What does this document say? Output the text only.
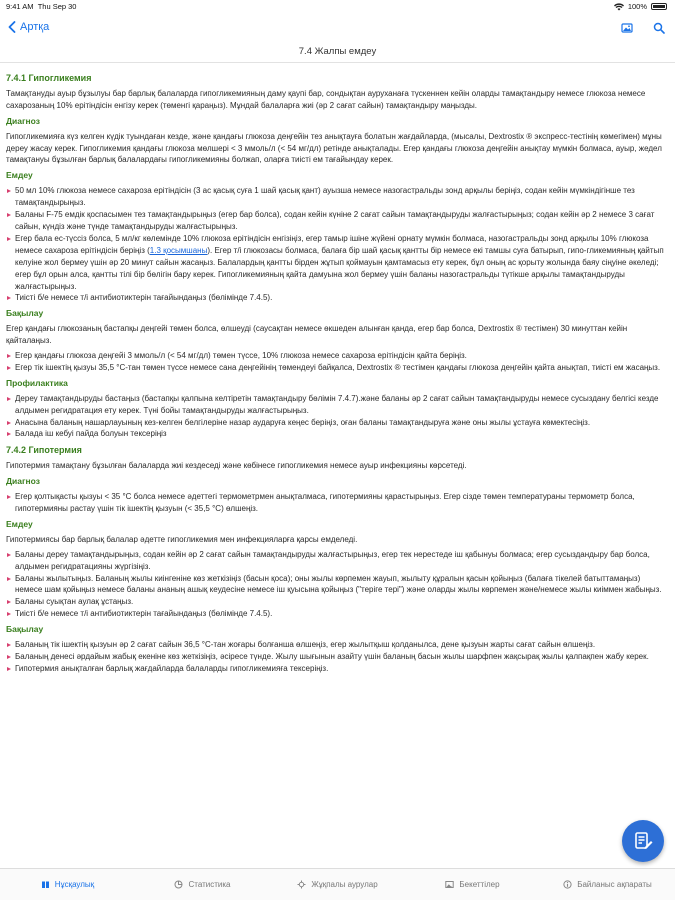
9:41 AM Thu Sep 30	100%
Артқа
7.4 Жалпы емдеу
7.4.1 Гипогликемия

Тамақтануды ауыр бұзылуы бар барлық балаларда гипогликемияның даму қаупі бар, сондықтан ауруханаға түскеннен кейін оларды тамақтандыру немесе глюкоза немесе сахарозаның 10% ерітіндісін енгізу керек (төменгі қараңыз). Мұндай балаларға жиі (әр 2 сағат сайын) тамақтандыру маңызды.

Диагноз

Гипогликемияға күз келген күдік туындаған кезде, және қандағы глюкоза деңгейін тез анықтауға болатын жағдайларда, (мысалы, Dextrostix ® экспресс-тестінің көмегімен) мұны дереу жасау керек. Гипогликемия қандағы глюкоза мөлшері < 3 ммоль/л (< 54 мг/дл) ретінде анықталады. Егер қандағы глюкоза деңгейін анықтау мүмкін болмаса, ауыр, жедел тамақтануы бұзылған барлық балалардағы гипогликемияны болжап, оларға тиісті ем тағайындау керек.

Емдеу
50 мл 10% глюкоза немесе сахароза ерітіндісін (3 ас қасық суға 1 шай қасық қант) ауызша немесе назогастральды зонд арқылы беріңіз, содан кейін мүмкіндігінше тез тамақтандырыңыз.
Баланы F-75 емдік қоспасымен тез тамақтандырыңыз (егер бар болса), содан кейін күніне 2 сағат сайын тамақтандыруды жалғастырыңыз; содан кейін әр 2 немесе 3 сағат сайын, күндіз және түнде тамақтандыруды жалғастырыңыз.
Егер бала ес-түссіз болса, 5 мл/кг көлемінде 10% глюкоза ерітіндісін енгізіңіз, егер тамыр ішіне жүйені орнату мүмкін болмаса, назогастральды зонд арқылы 10% глюкоза немесе сахароза ерітіндісін беріңіз (1.3 қосымшаны). Егер т/і глюкозасы болмаса, балаға бір шай қасық қантты бір немесе екі тамшы суға батырып, гипо-гликемияның қайтып келуіне жол бермеу үшін әр 20 минут сайын жасаңыз. Балалардың қантты бірден жұтып қоймауын қамтамасыз ету керек, бұл оның ас қорыту жолында баяу сіңуіне әкеледі; егер бұл орын алса, қантты тілі бір бөлігін бару керек. Гипогликемияның қайта дамуына жол бермеу үшін баланы назогастральды түтікше арқылы тамақтандыруды жалғастырыңыз.
Тиісті б/е немесе т/і антибиотиктерін тағайындаңыз (бөлімінде 7.4.5).
Бақылау

Егер қандағы глюкозаның бастапқы деңгейі төмен болса, өлшеуді (саусақтан немесе өкшеден алынған қанда, егер бар болса, Dextrostix ® тестімен) 30 минуттан кейін қайталаңыз.

Егер қандағы глюкоза деңгейі 3 ммоль/л (< 54 мг/дл) төмен түссе, 10% глюкоза немесе сахароза ерітіндісін қайта беріңіз.
Егер тік ішектің қызуы 35,5 °C-тан төмен түссе немесе сана деңгейінің төмендеуі байқалса, Dextrostix ® тестімен қандағы глюкоза деңгейін қайта анықтап, тиісті ем жасаңыз.
Профилактика
Дереу тамақтандыруды бастаңыз (бастапқы қалпына келтіретін тамақтандыру бөлімін 7.4.7).және баланы әр 2 сағат сайын тамақтандыруды немесе сусыздану белгісі кезде алдымен регидратация ету керек. Түні бойы тамақтандыруды жалғастырыңыз.
Анасына баланың нашарлауының кез-келген белгілеріне назар аударуға кеңес беріңіз, оған баланы тамақтандыруға және оны жылы ұстауға көмектесіңіз.
Балада іш кебуі пайда болуын тексеріңіз
7.4.2 Гипотермия

Гипотермия тамақтану бұзылған балаларда жиі кездеседі және көбінесе гипогликемия немесе ауыр инфекцияны көрсетеді.

Диагноз
Егер қолтықасты қызуы < 35 °C болса немесе әдеттегі термометрмен анықталмаса, гипотермияны қарастырыңыз. Егер сізде төмен температураны термометр болса, гипотермияны растау үшін тік ішектің қызуын (< 35,5 °C) өлшеңіз.
Емдеу

Гипотермиясы бар барлық балалар әдетте гипогликемия мен инфекцияларға қарсы емделеді.

Баланы дереу тамақтандырыңыз, содан кейін әр 2 сағат сайын тамақтандыруды жалғастырыңыз, егер тек нерестеде іш қабынуы болмаса; егер сусыздандыру бар болса, алдымен регидратацияны жүргізіңіз.
Баланы жылытыңыз. Баланың жылы киінгеніне көз жеткізіңіз (басын қоса); оны жылы көрпемен жауып, жылыту құралын қасын қойыңыз (балаға тікелей батыттамаңыз) немесе шам қойыңыз немесе баланы ананың ашық кеудесіне немесе іш қуысына қойыңыз ("теріге тері") және оларды жылы көрпемен және/немесе жылы киіммен жабыңыз.
Баланы суықтан аулақ ұстаңыз.
Тиісті б/е немесе т/і антибиотиктерін тағайындаңыз (бөлімінде 7.4.5).
Бақылау
Баланың тік ішектің қызуын әр 2 сағат сайын 36,5 °C-тан жоғары болғанша өлшеңіз, егер жылытқыш қолданылса, дене қызуын жарты сағат сайын өлшеңіз.
Баланың денесі әрдайым жабық екеніне көз жеткізіңіз, әсіресе түнде. Жылу шығынын азайту үшін баланың басын жылы шарфпен жақсырақ жылы қалпақпен жабу керек.
Гипотермия анықталған барлық жағдайларда балаларды гипогликемияға тексеріңіз.
Нұсқаулық	Статистика	Жұқпалы аурулар	Бекеттілер	Байланыс ақпараты
